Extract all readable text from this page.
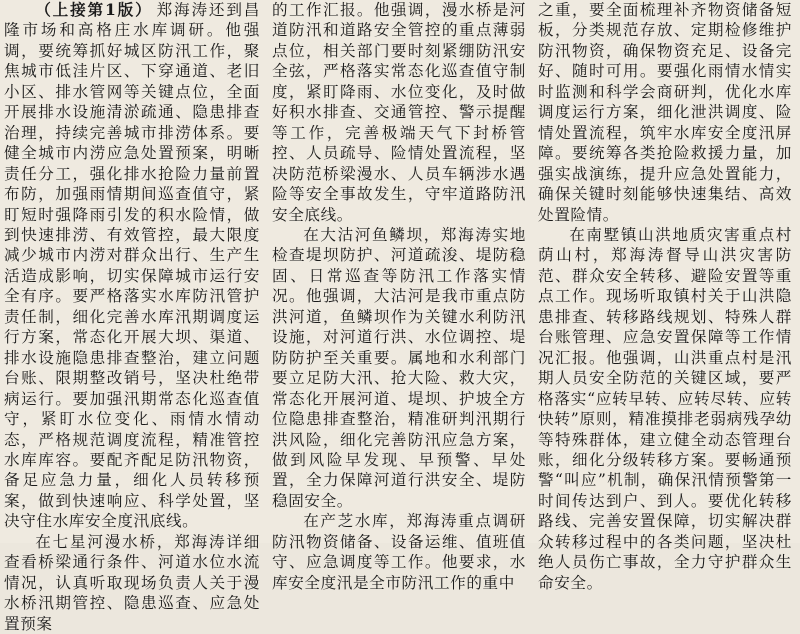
（上接第1版） 郑海涛还到昌隆市场和高格庄水库调研。他强调，要统筹抓好城区防汛工作，聚焦城市低洼片区、下穿通道、老旧小区、排水管网等关键点位，全面开展排水设施清淤疏通、隐患排查治理，持续完善城市排涝体系。要健全城市内涝应急处置预案，明晰责任分工，强化排水抢险力量前置布防，加强雨情期间巡查值守，紧盯短时强降雨引发的积水险情，做到快速排涝、有效管控，最大限度减少城市内涝对群众出行、生产生活造成影响，切实保障城市运行安全有序。要严格落实水库防汛管护责任制，细化完善水库汛期调度运行方案，常态化开展大坝、渠道、排水设施隐患排查整治，建立问题台账、限期整改销号，坚决杜绝带病运行。要加强汛期常态化巡查值守，紧盯水位变化、雨情水情动态，严格规范调度流程，精准管控水库库容。要配齐配足防汛物资，备足应急力量，细化人员转移预案，做到快速响应、科学处置，坚决守住水库安全度汛底线。

在七星河漫水桥，郑海涛详细查看桥梁通行条件、河道水位水流情况，认真听取现场负责人关于漫水桥汛期管控、隐患巡查、应急处置预案

的工作汇报。他强调，漫水桥是河道防汛和道路安全管控的重点薄弱点位，相关部门要时刻紧绷防汛安全弦，严格落实常态化巡查值守制度，紧盯降雨、水位变化，及时做好积水排查、交通管控、警示提醒等工作，完善极端天气下封桥管控、人员疏导、险情处置流程，坚决防范桥梁漫水、人员车辆涉水遇险等安全事故发生，守牢道路防汛安全底线。

在大沽河鱼鳞坝，郑海涛实地检查堤坝防护、河道疏浚、堤防稳固、日常巡查等防汛工作落实情况。他强调，大沽河是我市重点防洪河道，鱼鳞坝作为关键水利防汛设施，对河道行洪、水位调控、堤防防护至关重要。属地和水利部门要立足防大汛、抢大险、救大灾，常态化开展河道、堤坝、护坡全方位隐患排查整治，精准研判汛期行洪风险，细化完善防汛应急方案，做到风险早发现、早预警、早处置，全力保障河道行洪安全、堤防稳固安全。

在产芝水库，郑海涛重点调研防汛物资储备、设备运维、值班值守、应急调度等工作。他要求，水库安全度汛是全市防汛工作的重中

之重，要全面梳理补齐物资储备短板，分类规范存放、定期检修维护防汛物资，确保物资充足、设备完好、随时可用。要强化雨情水情实时监测和科学会商研判，优化水库调度运行方案，细化泄洪调度、险情处置流程，筑牢水库安全度汛屏障。要统筹各类抢险救援力量，加强实战演练，提升应急处置能力，确保关键时刻能够快速集结、高效处置险情。

在南墅镇山洪地质灾害重点村荫山村，郑海涛督导山洪灾害防范、群众安全转移、避险安置等重点工作。现场听取镇村关于山洪隐患排查、转移路线规划、特殊人群台账管理、应急安置保障等工作情况汇报。他强调，山洪重点村是汛期人员安全防范的关键区域，要严格落实“应转早转、应转尽转、应转快转”原则，精准摸排老弱病残孕幼等特殊群体，建立健全动态管理台账，细化分级转移方案。要畅通预警“叫应”机制，确保汛情预警第一时间传达到户、到人。要优化转移路线、完善安置保障，切实解决群众转移过程中的各类问题，坚决杜绝人员伤亡事故，全力守护群众生命安全。
